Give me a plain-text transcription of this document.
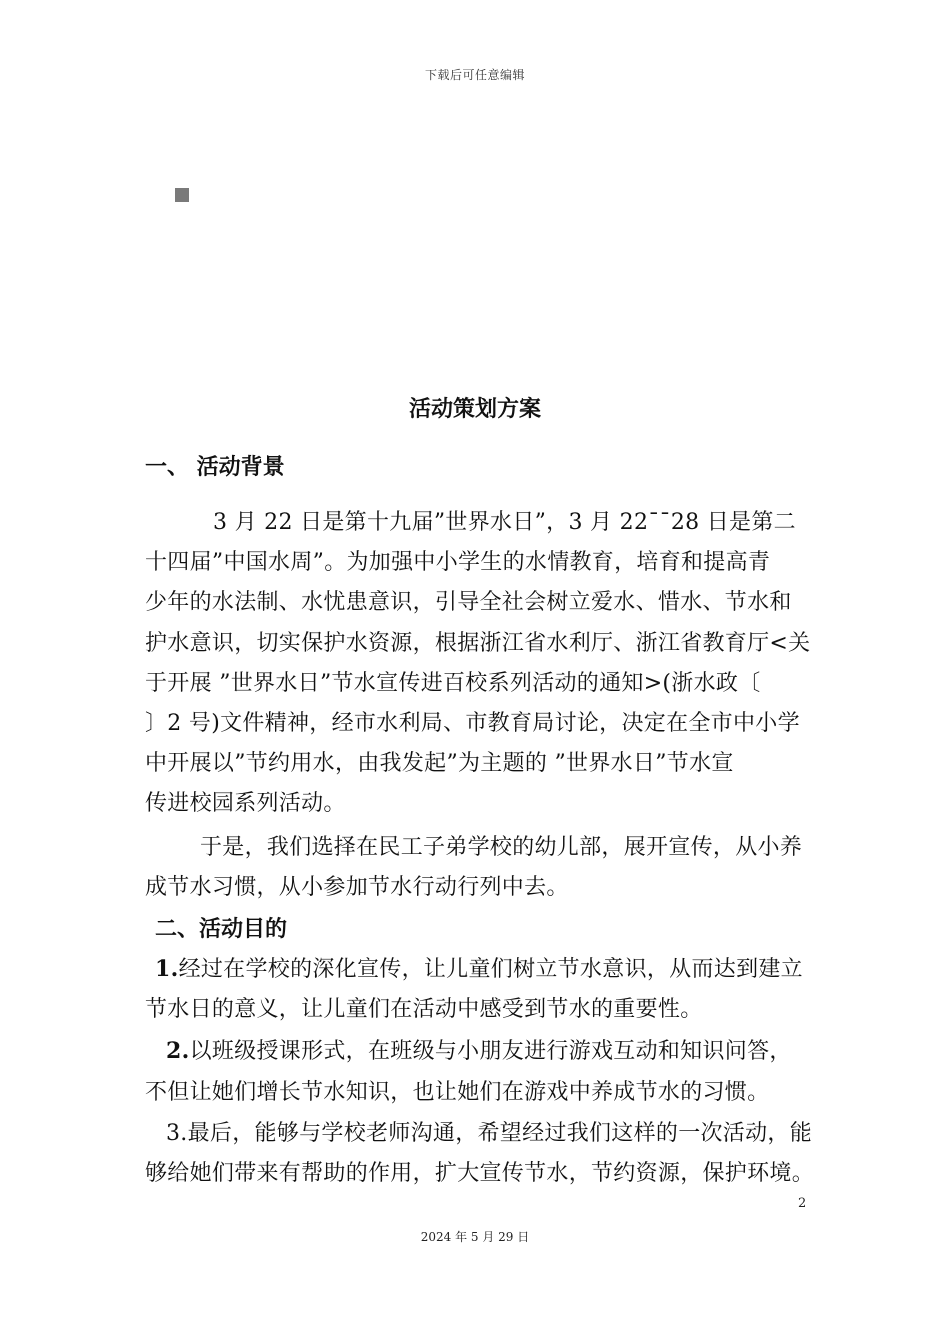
下载后可任意编辑
活动策划方案
一、 活动背景
3 月 22 日是第十九届”世界水日”，3 月 22¯¯28 日是第二
十四届”中国水周”。为加强中小学生的水情教育，培育和提高青
少年的水法制、水忧患意识，引导全社会树立爱水、惜水、节水和
护水意识，切实保护水资源，根据浙江省水利厅、浙江省教育厅<关
于开展 ”世界水日”节水宣传进百校系列活动的通知>(浙水政〔
〕2 号)文件精神，经市水利局、市教育局讨论，决定在全市中小学
中开展以”节约用水，由我发起”为主题的 ”世界水日”节水宣
传进校园系列活动。
于是，我们选择在民工子弟学校的幼儿部，展开宣传，从小养
成节水习惯，从小参加节水行动行列中去。
二、活动目的
1.经过在学校的深化宣传，让儿童们树立节水意识，从而达到建立
节水日的意义，让儿童们在活动中感受到节水的重要性。
2.以班级授课形式，在班级与小朋友进行游戏互动和知识问答，
不但让她们增长节水知识，也让她们在游戏中养成节水的习惯。
3.最后，能够与学校老师沟通，希望经过我们这样的一次活动，能
够给她们带来有帮助的作用，扩大宣传节水，节约资源，保护环境。
2
2024 年 5 月 29 日
